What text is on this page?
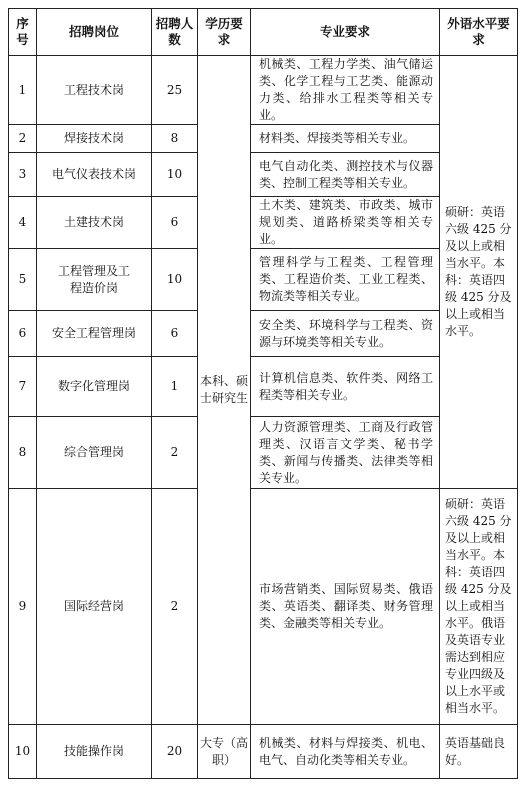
序号	招聘岗位	招聘人数	学历要求	专业要求	外语水平要求
1	工程技术岗	25	本科、硕士研究生	机械类、工程力学类、油气储运类、化学工程与工艺类、能源动力类、给排水工程类等相关专业。	硕研：英语六级 425 分及以上或相当水平。本科：英语四级 425 分及以上或相当水平。
2	焊接技术岗	8		材料类、焊接类等相关专业。	
3	电气仪表技术岗	10		电气自动化类、测控技术与仪器类、控制工程类等相关专业。	
4	土建技术岗	6		土木类、建筑类、市政类、城市规划类、道路桥梁类等相关专业。	
5	工程管理及工程造价岗	10		管理科学与工程类、工程管理类、工程造价类、工业工程类、物流类等相关专业。	
6	安全工程管理岗	6		安全类、环境科学与工程类、资源与环境类等相关专业。	
7	数字化管理岗	1		计算机信息类、软件类、网络工程类等相关专业。	
8	综合管理岗	2		人力资源管理类、工商及行政管理类、汉语言文学类、秘书学类、新闻与传播类、法律类等相关专业。	
9	国际经营岗	2		市场营销类、国际贸易类、俄语类、英语类、翻译类、财务管理类、金融类等相关专业。	硕研：英语六级 425 分及以上或相当水平。本科：英语四级 425 分及以上或相当水平。俄语及英语专业需达到相应专业四级及以上水平或相当水平。
10	技能操作岗	20	大专（高职）	机械类、材料与焊接类、机电、电气、自动化类等相关专业。	英语基础良好。
